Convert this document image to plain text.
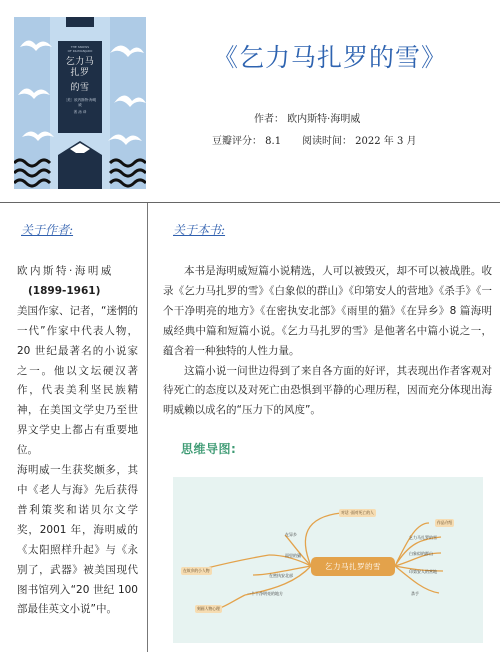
THE SNOWS
OF KILIMANJARO
乞力马扎罗
的雪
〔美〕欧内斯特·海明威
著 汤 译
《乞力马扎罗的雪》
作者： 欧内斯特·海明威
豆瓣评分： 8.1 阅读时间： 2022 年 3 月
关于作者:

欧内斯特·海明威

(1899-1961)

美国作家、记者，“迷惘的一代”作家中代表人物，20 世纪最著名的小说家之一。他以文坛硬汉著作，代表美利坚民族精神，在美国文学史乃至世界文学史上都占有重要地位。

海明威一生获奖颇多，其中《老人与海》先后获得普利策奖和诺贝尔文学奖，2001 年，海明威的《太阳照样升起》与《永别了，武器》被美国现代图书馆列入“20 世纪 100 部最佳英文小说”中。

关于本书:

本书是海明威短篇小说精选，人可以被毁灭，却不可以被战胜。收录《乞力马扎罗的雪》《白象似的群山》《印第安人的营地》《杀手》《一个干净明亮的地方》《在密执安北部》《雨里的猫》《在异乡》8 篇海明威经典中篇和短篇小说。《乞力马扎罗的雪》是他著名中篇小说之一，蕴含着一种独特的人性力量。

这篇小说一问世边得到了来自各方面的好评，其表现出作者客观对待死亡的态度以及对死亡由恐惧到平静的心理历程，因而充分体现出海明威赖以成名的“压力下的风度”。

思维导图:
对话 ·面对死亡的人
作品介绍
在故乡的小人物
刻画人物心理
乞力马扎罗的雪
白象似的群山
印第安人的营地
杀手
在异乡
雨里的猫
在密执安北部
一个干净明亮的地方
乞力马扎罗的雪
